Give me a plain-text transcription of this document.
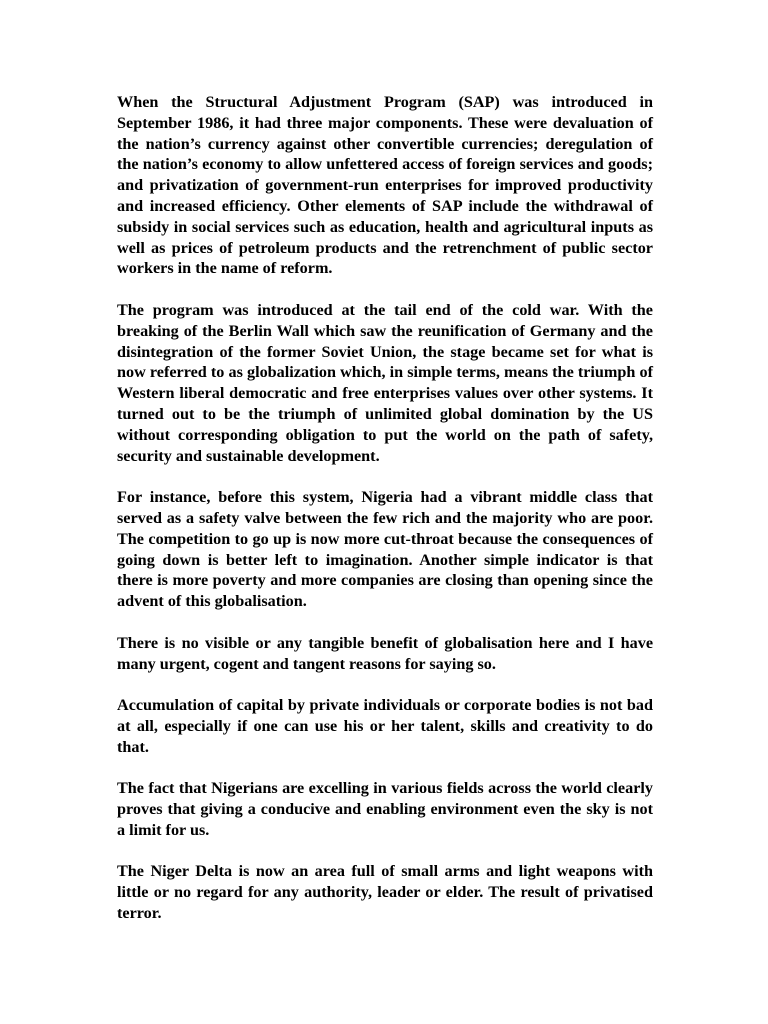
When the Structural Adjustment Program (SAP) was introduced in September 1986, it had three major components. These were devaluation of the nation’s currency against other convertible currencies; deregulation of the nation’s economy to allow unfettered access of foreign services and goods; and privatization of government-run enterprises for improved productivity and increased efficiency. Other elements of SAP include the withdrawal of subsidy in social services such as education, health and agricultural inputs as well as prices of petroleum products and the retrenchment of public sector workers in the name of reform.

The program was introduced at the tail end of the cold war. With the breaking of the Berlin Wall which saw the reunification of Germany and the disintegration of the former Soviet Union, the stage became set for what is now referred to as globalization which, in simple terms, means the triumph of Western liberal democratic and free enterprises values over other systems. It turned out to be the triumph of unlimited global domination by the US without corresponding obligation to put the world on the path of safety, security and sustainable development.

For instance, before this system, Nigeria had a vibrant middle class that served as a safety valve between the few rich and the majority who are poor. The competition to go up is now more cut-throat because the consequences of going down is better left to imagination. Another simple indicator is that there is more poverty and more companies are closing than opening since the advent of this globalisation.

There is no visible or any tangible benefit of globalisation here and I have many urgent, cogent and tangent reasons for saying so.

Accumulation of capital by private individuals or corporate bodies is not bad at all, especially if one can use his or her talent, skills and creativity to do that.

The fact that Nigerians are excelling in various fields across the world clearly proves that giving a conducive and enabling environment even the sky is not a limit for us.

The Niger Delta is now an area full of small arms and light weapons with little or no regard for any authority, leader or elder. The result of privatised terror.
